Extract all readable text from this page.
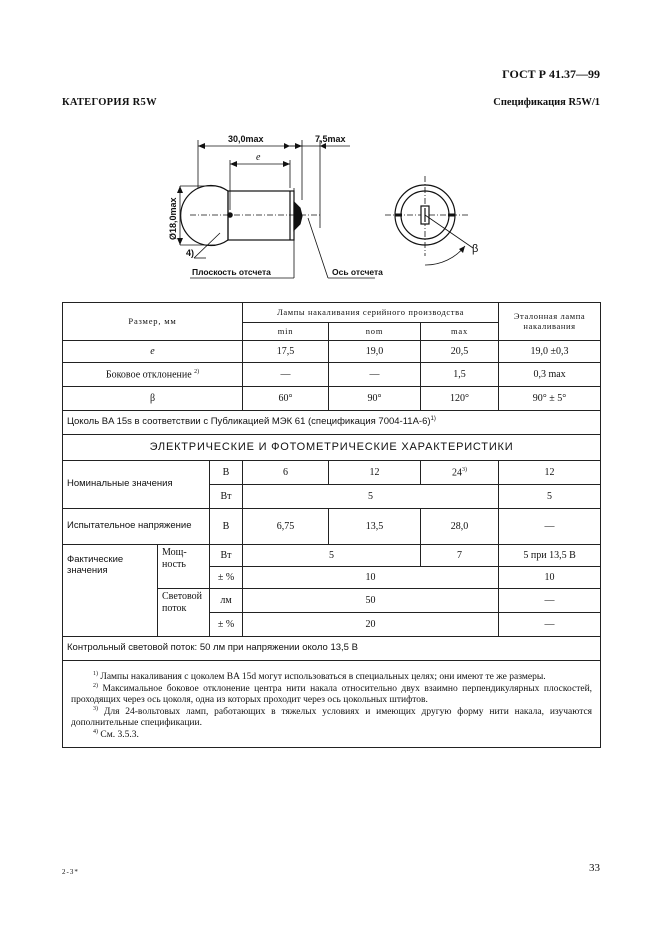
ГОСТ Р 41.37—99
КАТЕГОРИЯ R5W	Спецификация R5W/1
30,0max	7,5max
e
Ø18,0max
4)
Плоскость отсчета	Ось отсчета
β
Размер, мм			Лампы накаливания серийного производства			Эталонная лампа накаливания
			min	nom	max	
e			17,5	19,0	20,5	19,0 ±0,3
Боковое отклонение $^{2)}$			—	—	1,5	0,3 max
β			60°	90°	120°	90° ± 5°
Цоколь BA 15s в соответствии с Публикацией МЭК 61 (спецификация 7004-11A-6)$^{1)}$
ЭЛЕКТРИЧЕСКИЕ И ФОТОМЕТРИЧЕСКИЕ ХАРАКТЕРИСТИКИ						
Номинальные значения		В	6	12	24$^{3)}$	12
		Вт	5			5
Испытательное напряжение		В	6,75	13,5	28,0	—
Фактические значения	Мощ-ность	Вт	5		7	5 при 13,5 В
		± %	10			10
	Световой поток	лм	50			—
		± %	20			—
Контрольный световой поток: 50 лм при напряжении около 13,5 В						

$^{1)}$ Лампы накаливания с цоколем BA 15d могут использоваться в специальных целях; они имеют те же размеры.

$^{2)}$ Максимальное боковое отклонение центра нити накала относительно двух взаимно перпендикулярных плоскостей, проходящих через ось цоколя, одна из которых проходит через ось цокольных штифтов.

$^{3)}$ Для 24-вольтовых ламп, работающих в тяжелых условиях и имеющих другую форму нити накала, изучаются дополнительные спецификации.

$^{4)}$ См. 3.5.3.						

2-3*	33
